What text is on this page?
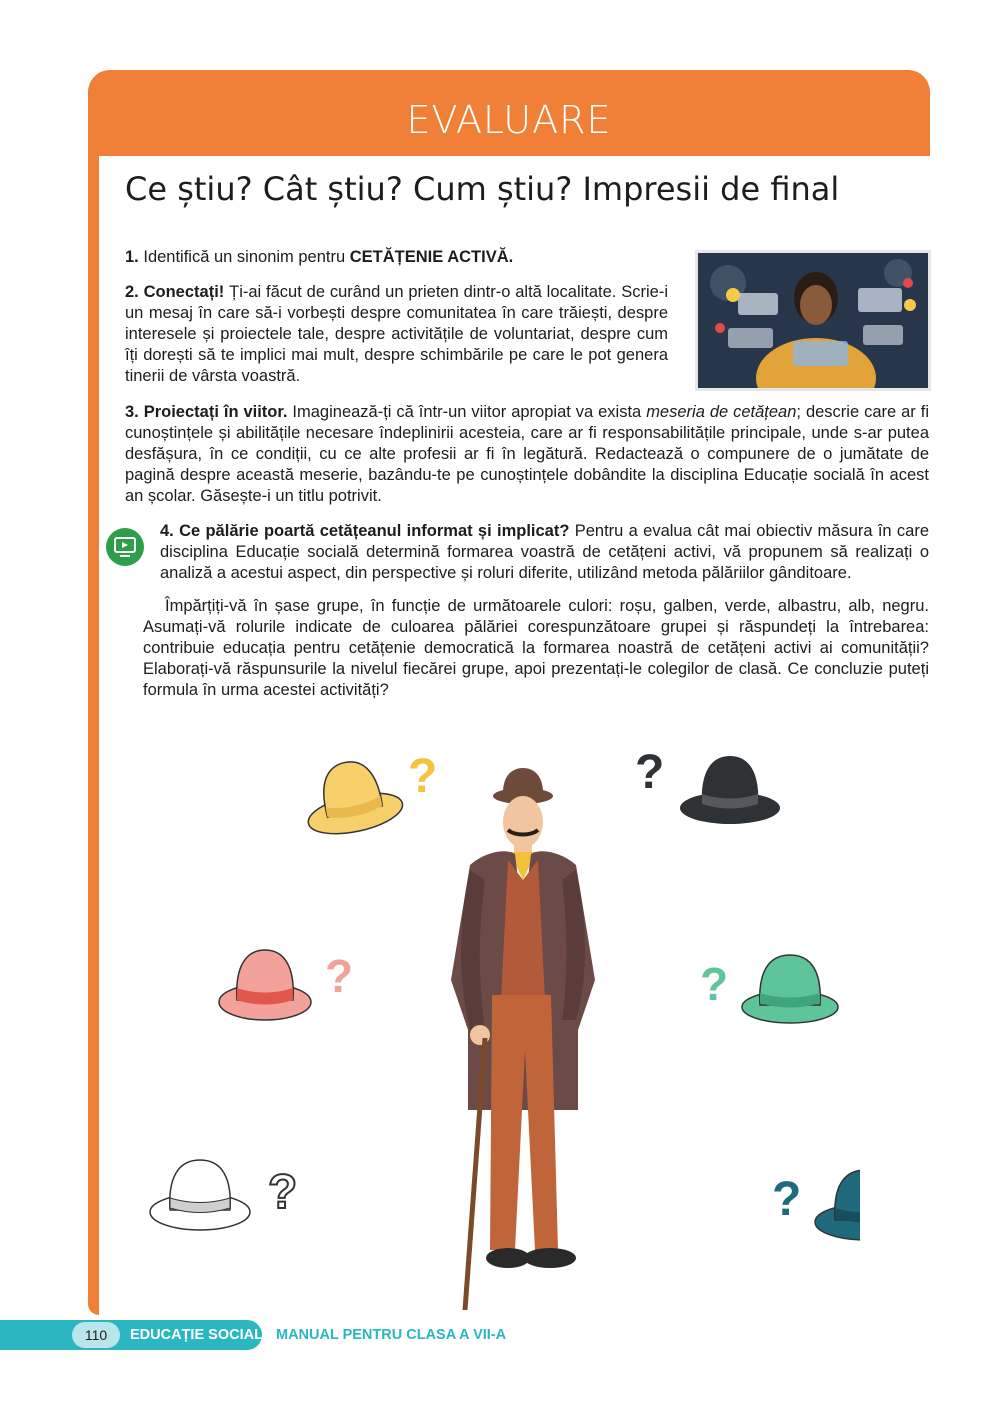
EVALUARE
Ce știu? Cât știu? Cum știu? Impresii de final
1. Identifică un sinonim pentru CETĂȚENIE ACTIVĂ.
2. Conectați! Ți-ai făcut de curând un prieten dintr-o altă localitate. Scrie-i un mesaj în care să-i vorbești despre comunitatea în care trăiești, despre interesele și proiectele tale, despre activitățile de voluntariat, despre cum îți dorești să te implici mai mult, despre schimbările pe care le pot genera tinerii de vârsta voastră.
3. Proiectați în viitor. Imaginează-ți că într-un viitor apropiat va exista meseria de cetățean; descrie care ar fi cunoștințele și abilitățile necesare îndeplinirii acesteia, care ar fi responsabilitățile principale, unde s-ar putea desfășura, în ce condiții, cu ce alte profesii ar fi în legătură. Redactează o compunere de o jumătate de pagină despre această meserie, bazându-te pe cunoștințele dobândite la disciplina Educație socială în acest an școlar. Găsește-i un titlu potrivit.
4. Ce pălărie poartă cetățeanul informat și implicat? Pentru a evalua cât mai obiectiv măsura în care disciplina Educație socială determină formarea voastră de cetățeni activi, vă propunem să realizați o analiză a acestui aspect, din perspective și roluri diferite, utilizând metoda pălăriilor gânditoare.
Împărțiți-vă în șase grupe, în funcție de următoarele culori: roșu, galben, verde, albastru, alb, negru. Asumați-vă rolurile indicate de culoarea pălăriei corespunzătoare grupei și răspundeți la întrebarea: contribuie educația pentru cetățenie democratică la formarea noastră de cetățeni activi ai comunității? Elaborați-vă răspunsurile la nivelul fiecărei grupe, apoi prezentați-le colegilor de clasă. Ce concluzie puteți formula în urma acestei activități?
?	?
?	?
?	?
110	EDUCAȚIE SOCIALĂ MANUAL PENTRU CLASA A VII-A
